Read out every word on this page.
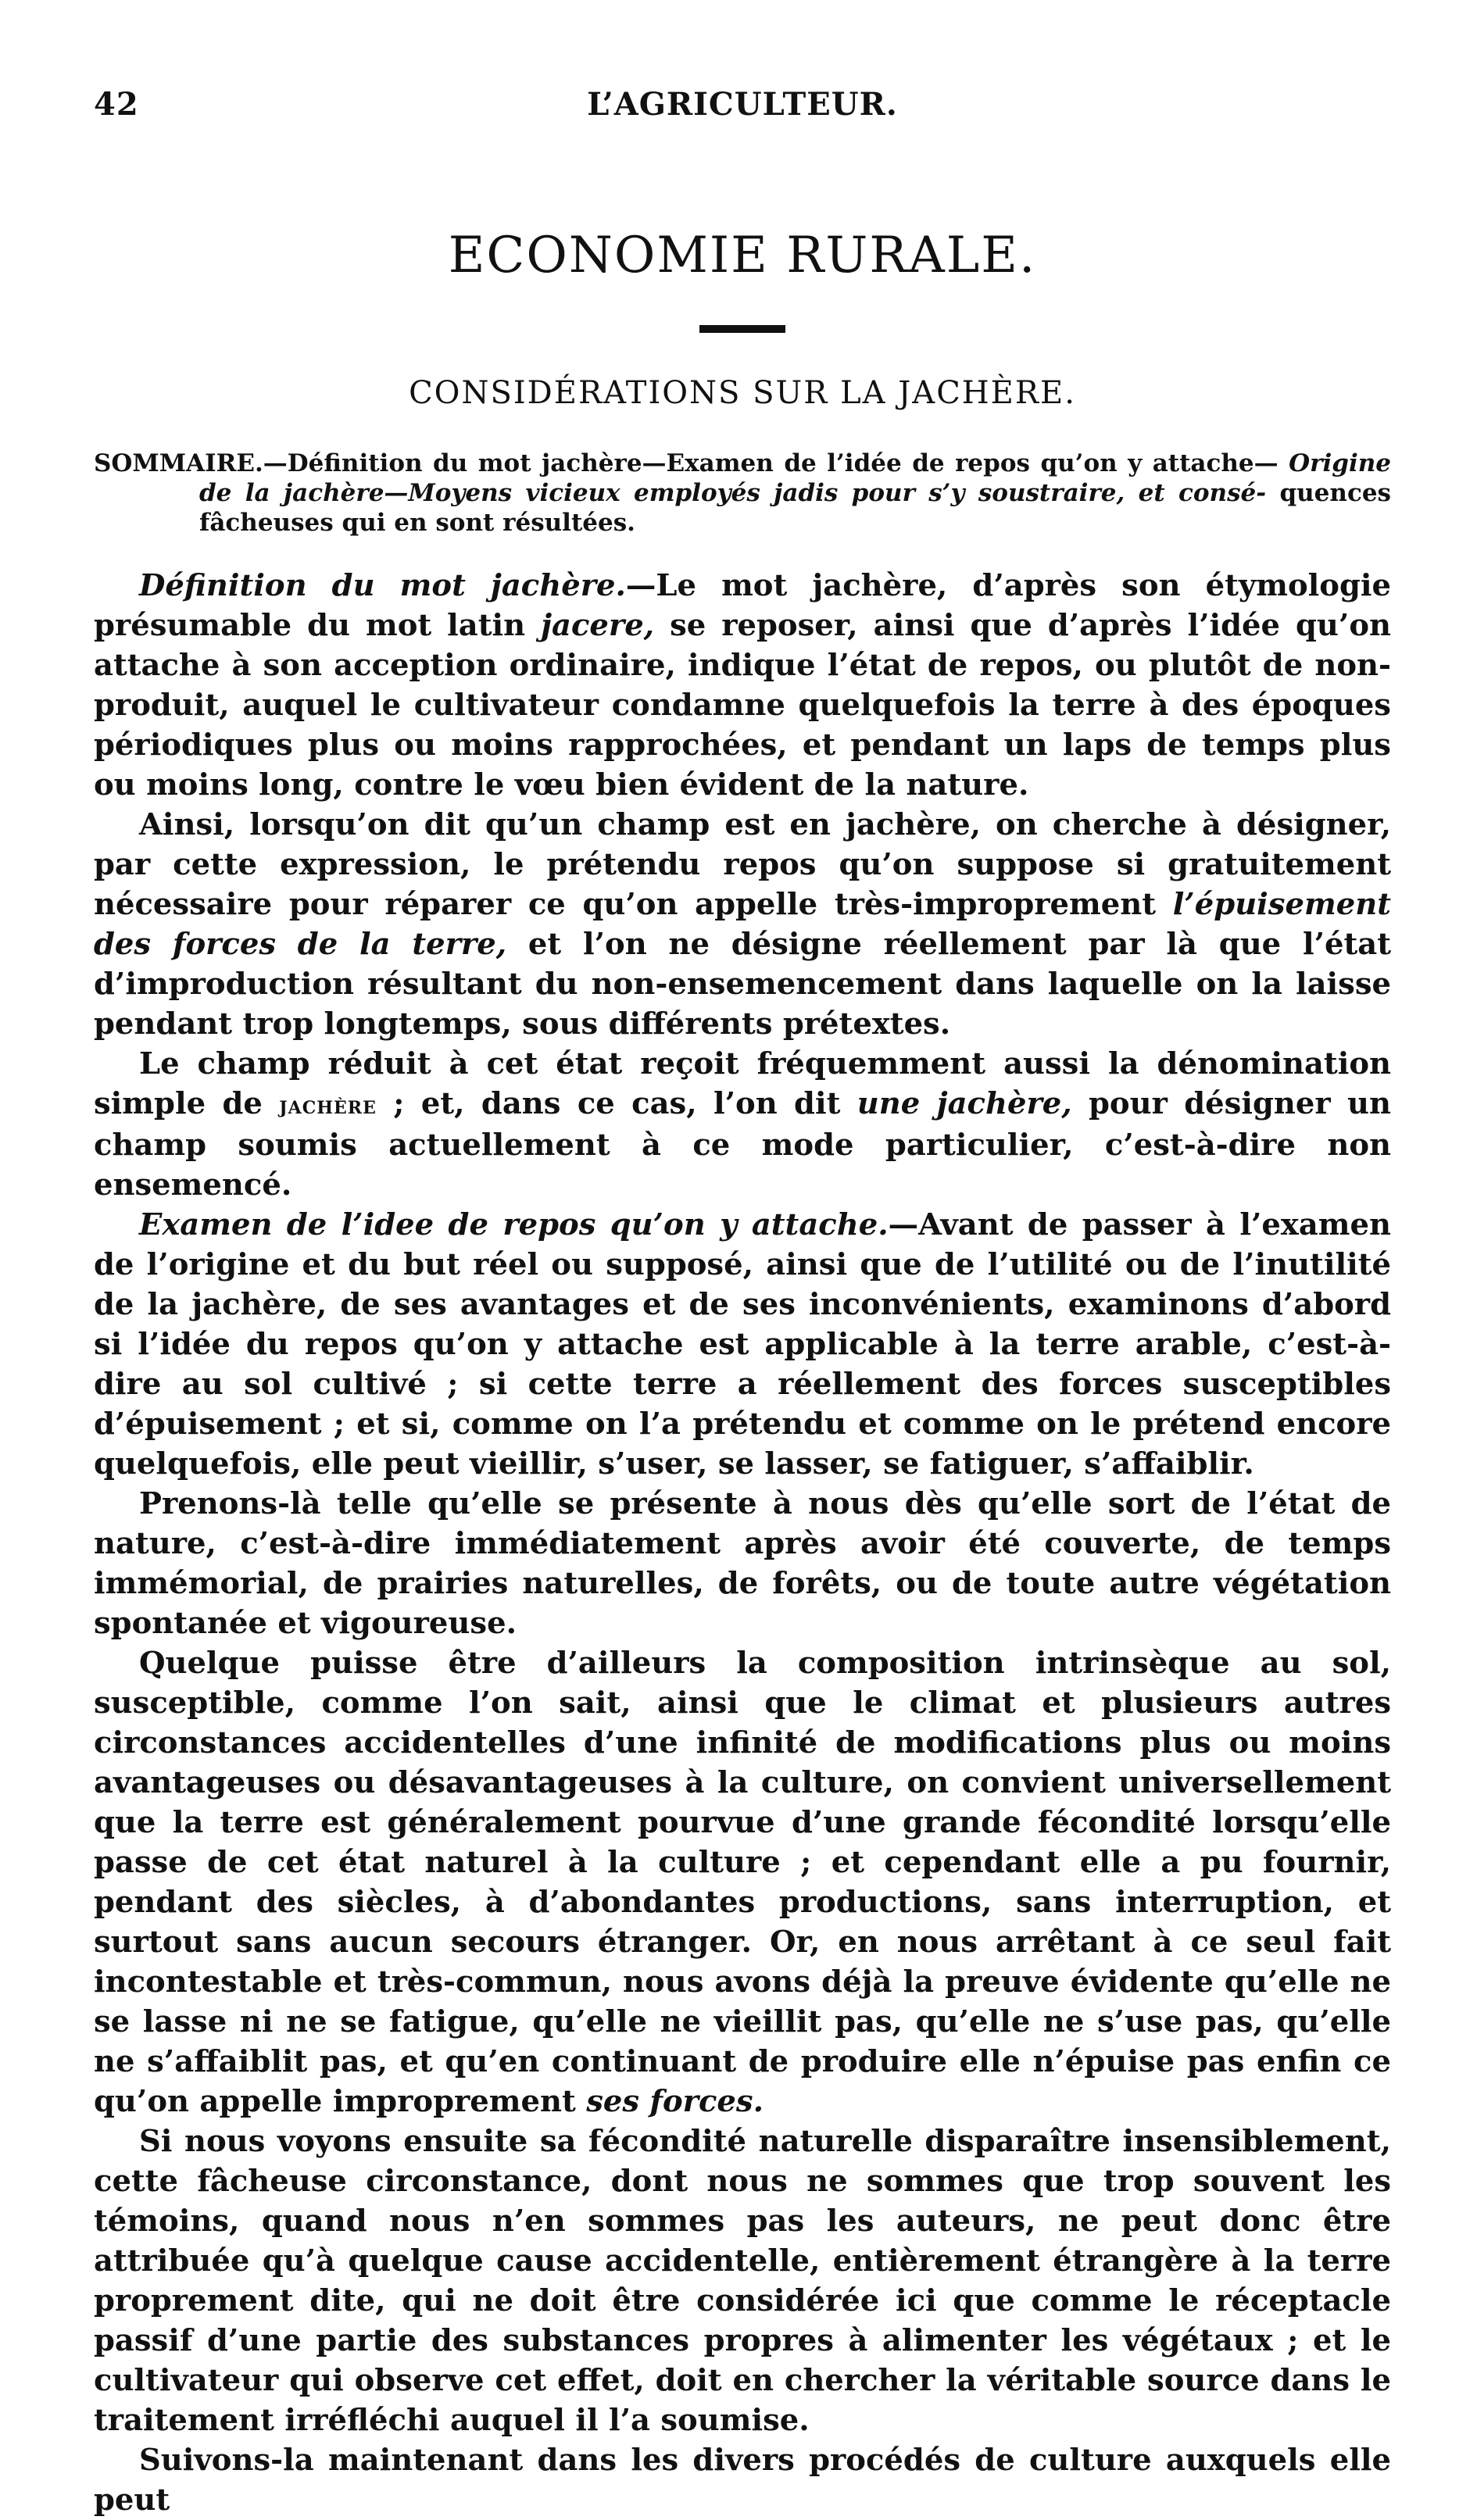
42	L’AGRICULTEUR.
ECONOMIE RURALE.
CONSIDÉRATIONS SUR LA JACHÈRE.
SOMMAIRE.—Définition du mot jachère—Examen de l’idée de repos qu’on y attache— Origine de la jachère—Moyens vicieux employés jadis pour s’y soustraire, et consé- quences fâcheuses qui en sont résultées.

Définition du mot jachère.—Le mot jachère, d’après son étymologie présumable du mot latin jacere, se reposer, ainsi que d’après l’idée qu’on attache à son acception ordinaire, indique l’état de repos, ou plutôt de non-produit, auquel le cultivateur condamne quelquefois la terre à des époques périodiques plus ou moins rapprochées, et pendant un laps de temps plus ou moins long, contre le vœu bien évident de la nature.

Ainsi, lorsqu’on dit qu’un champ est en jachère, on cherche à désigner, par cette expression, le prétendu repos qu’on suppose si gratuitement nécessaire pour réparer ce qu’on appelle très-improprement l’épuisement des forces de la terre, et l’on ne désigne réellement par là que l’état d’improduction résultant du non-ensemencement dans laquelle on la laisse pendant trop longtemps, sous différents prétextes.

Le champ réduit à cet état reçoit fréquemment aussi la dénomination simple de jachère ; et, dans ce cas, l’on dit une jachère, pour désigner un champ soumis actuellement à ce mode particulier, c’est-à-dire non ensemencé.

Examen de l’idee de repos qu’on y attache.—Avant de passer à l’examen de l’origine et du but réel ou supposé, ainsi que de l’utilité ou de l’inutilité de la jachère, de ses avantages et de ses inconvénients, examinons d’abord si l’idée du repos qu’on y attache est applicable à la terre arable, c’est-à-dire au sol cultivé ; si cette terre a réellement des forces susceptibles d’épuisement ; et si, comme on l’a prétendu et comme on le prétend encore quelquefois, elle peut vieillir, s’user, se lasser, se fatiguer, s’affaiblir.

Prenons-là telle qu’elle se présente à nous dès qu’elle sort de l’état de nature, c’est-à-dire immédiatement après avoir été couverte, de temps immémorial, de prairies naturelles, de forêts, ou de toute autre végétation spontanée et vigoureuse.

Quelque puisse être d’ailleurs la composition intrinsèque au sol, susceptible, comme l’on sait, ainsi que le climat et plusieurs autres circonstances accidentelles d’une infinité de modifications plus ou moins avantageuses ou désavantageuses à la culture, on convient universellement que la terre est généralement pourvue d’une grande fécondité lorsqu’elle passe de cet état naturel à la culture ; et cependant elle a pu fournir, pendant des siècles, à d’abondantes productions, sans interruption, et surtout sans aucun secours étranger. Or, en nous arrêtant à ce seul fait incontestable et très-commun, nous avons déjà la preuve évidente qu’elle ne se lasse ni ne se fatigue, qu’elle ne vieillit pas, qu’elle ne s’use pas, qu’elle ne s’affaiblit pas, et qu’en continuant de produire elle n’épuise pas enfin ce qu’on appelle improprement ses forces.

Si nous voyons ensuite sa fécondité naturelle disparaître insensiblement, cette fâcheuse circonstance, dont nous ne sommes que trop souvent les témoins, quand nous n’en sommes pas les auteurs, ne peut donc être attribuée qu’à quelque cause accidentelle, entièrement étrangère à la terre proprement dite, qui ne doit être considérée ici que comme le réceptacle passif d’une partie des substances propres à alimenter les végétaux ; et le cultivateur qui observe cet effet, doit en chercher la véritable source dans le traitement irréfléchi auquel il l’a soumise.

Suivons-la maintenant dans les divers procédés de culture auxquels elle peut
